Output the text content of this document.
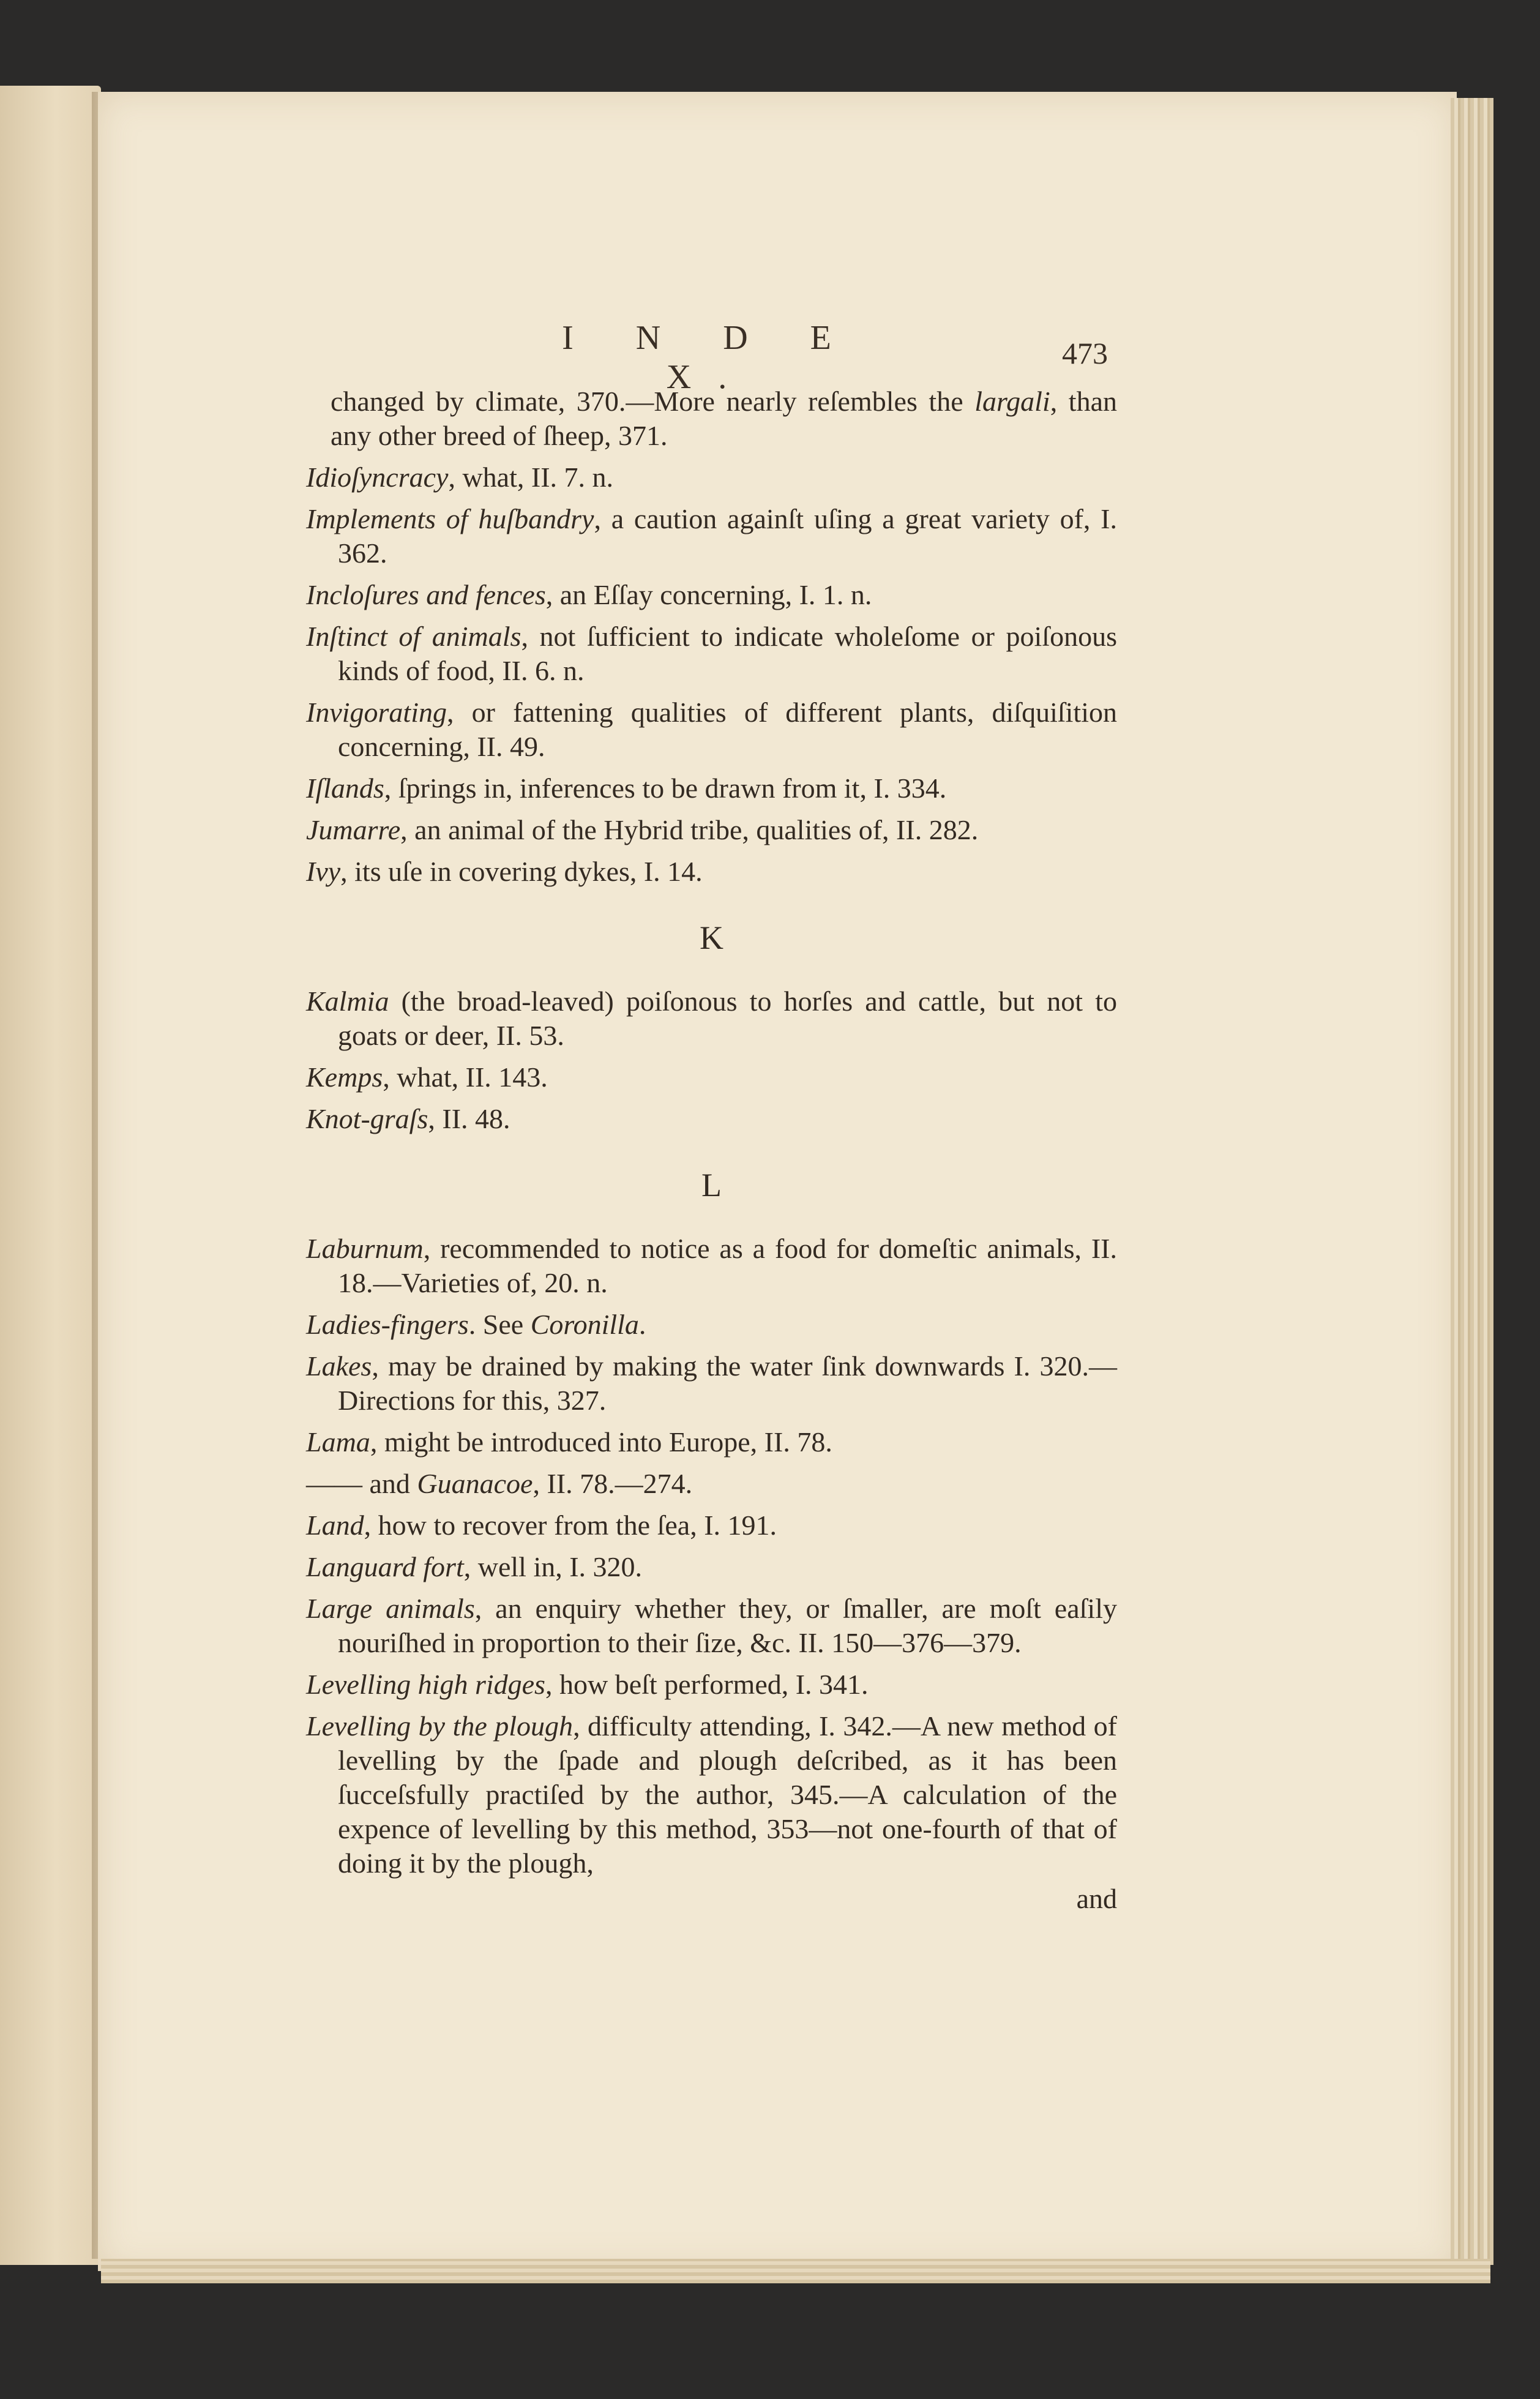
I N D E X.
473

changed by climate, 370.—More nearly reſembles the largali, than any other breed of ſheep, 371.

Idioſyncracy, what, II. 7. n.

Implements of huſbandry, a caution againſt uſing a great variety of, I. 362.

Incloſures and fences, an Eſſay concerning, I. 1. n.

Inſtinct of animals, not ſufficient to indicate wholeſome or poiſonous kinds of food, II. 6. n.

Invigorating, or fattening qualities of different plants, diſquiſition concerning, II. 49.

Iſlands, ſprings in, inferences to be drawn from it, I. 334.

Jumarre, an animal of the Hybrid tribe, qualities of, II. 282.

Ivy, its uſe in covering dykes, I. 14.

K

Kalmia (the broad-leaved) poiſonous to horſes and cattle, but not to goats or deer, II. 53.

Kemps, what, II. 143.

Knot-graſs, II. 48.

L

Laburnum, recommended to notice as a food for domeſtic animals, II. 18.—Varieties of, 20. n.

Ladies-fingers. See Coronilla.

Lakes, may be drained by making the water ſink downwards I. 320.—Directions for this, 327.

Lama, might be introduced into Europe, II. 78.

—— and Guanacoe, II. 78.—274.

Land, how to recover from the ſea, I. 191.

Languard fort, well in, I. 320.

Large animals, an enquiry whether they, or ſmaller, are moſt eaſily nouriſhed in proportion to their ſize, &c. II. 150—376—379.

Levelling high ridges, how beſt performed, I. 341.

Levelling by the plough, difficulty attending, I. 342.—A new method of levelling by the ſpade and plough deſcribed, as it has been ſucceſsfully practiſed by the author, 345.—A calculation of the expence of levelling by this method, 353—not one-fourth of that of doing it by the plough,

and
